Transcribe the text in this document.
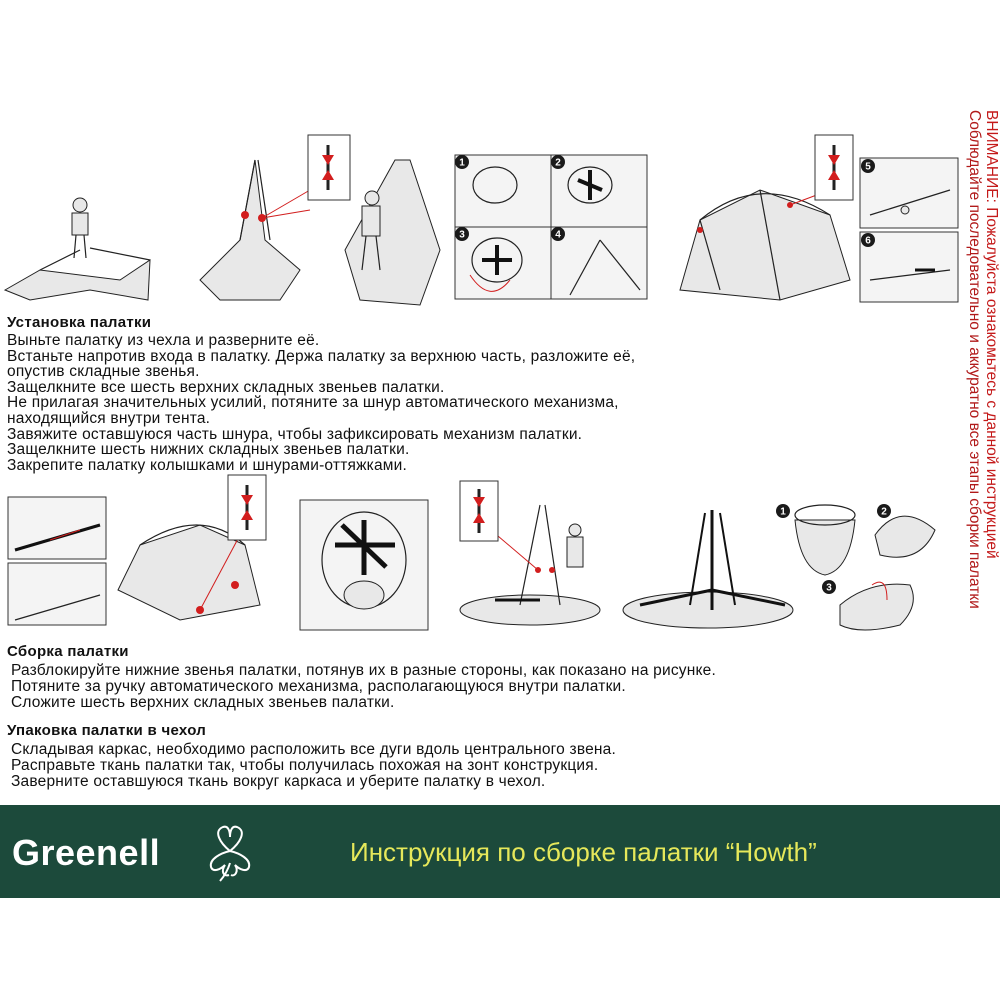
1	2
3	4
5
6
Установка палатки
Выньте палатку из чехла и разверните её.
Встаньте напротив входа в палатку. Держа палатку за верхнюю часть, разложите её,
опустив складные звенья.
Защелкните все шесть верхних складных звеньев палатки.
Не прилагая значительных усилий, потяните за шнур автоматического механизма,
находящийся внутри тента.
Завяжите оставшуюся часть шнура, чтобы зафиксировать механизм палатки.
Защелкните шесть нижних складных звеньев палатки.
Закрепите палатку колышками и шнурами-оттяжками.
1	2
3
Сборка палатки
Разблокируйте нижние звенья палатки, потянув их в разные стороны, как показано на рисунке.
Потяните за ручку автоматического механизма, располагающуюся внутри палатки.
Сложите шесть верхних складных звеньев палатки.
Упаковка палатки в чехол
Складывая каркас, необходимо расположить все дуги вдоль центрального звена.
Расправьте ткань палатки так, чтобы получилась похожая на зонт конструкция.
Заверните оставшуюся ткань вокруг каркаса и уберите палатку в чехол.
ВНИМАНИЕ: Пожалуйста ознакомьтесь с данной инструкцией
Соблюдайте последовательно и аккуратно все этапы сборки палатки
Greenell	Инструкция по сборке палатки “Howth”
